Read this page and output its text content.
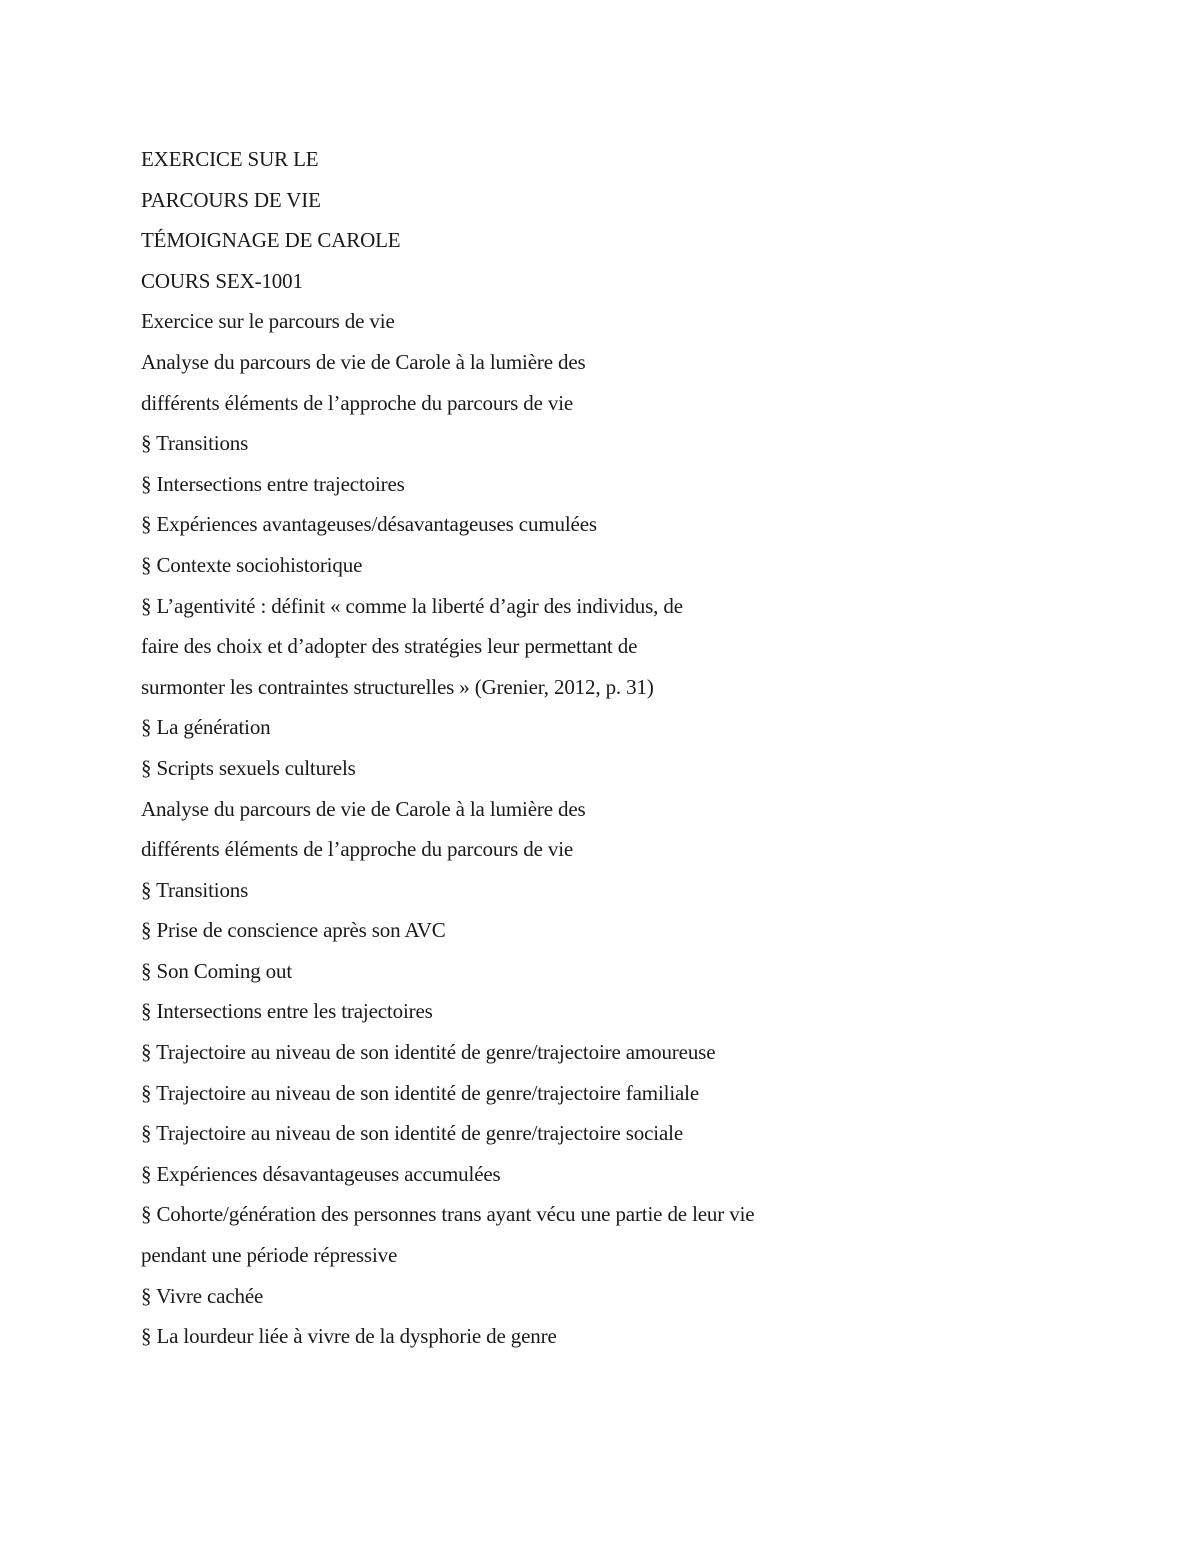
EXERCICE SUR LE
PARCOURS DE VIE
TÉMOIGNAGE DE CAROLE
COURS SEX-1001
Exercice sur le parcours de vie
Analyse du parcours de vie de Carole à la lumière des
différents éléments de l’approche du parcours de vie
§ Transitions
§ Intersections entre trajectoires
§ Expériences avantageuses/désavantageuses cumulées
§ Contexte sociohistorique
§ L’agentivité : définit « comme la liberté d’agir des individus, de
faire des choix et d’adopter des stratégies leur permettant de
surmonter les contraintes structurelles » (Grenier, 2012, p. 31)
§ La génération
§ Scripts sexuels culturels
Analyse du parcours de vie de Carole à la lumière des
différents éléments de l’approche du parcours de vie
§ Transitions
§ Prise de conscience après son AVC
§ Son Coming out
§ Intersections entre les trajectoires
§ Trajectoire au niveau de son identité de genre/trajectoire amoureuse
§ Trajectoire au niveau de son identité de genre/trajectoire familiale
§ Trajectoire au niveau de son identité de genre/trajectoire sociale
§ Expériences désavantageuses accumulées
§ Cohorte/génération des personnes trans ayant vécu une partie de leur vie
pendant une période répressive
§ Vivre cachée
§ La lourdeur liée à vivre de la dysphorie de genre
